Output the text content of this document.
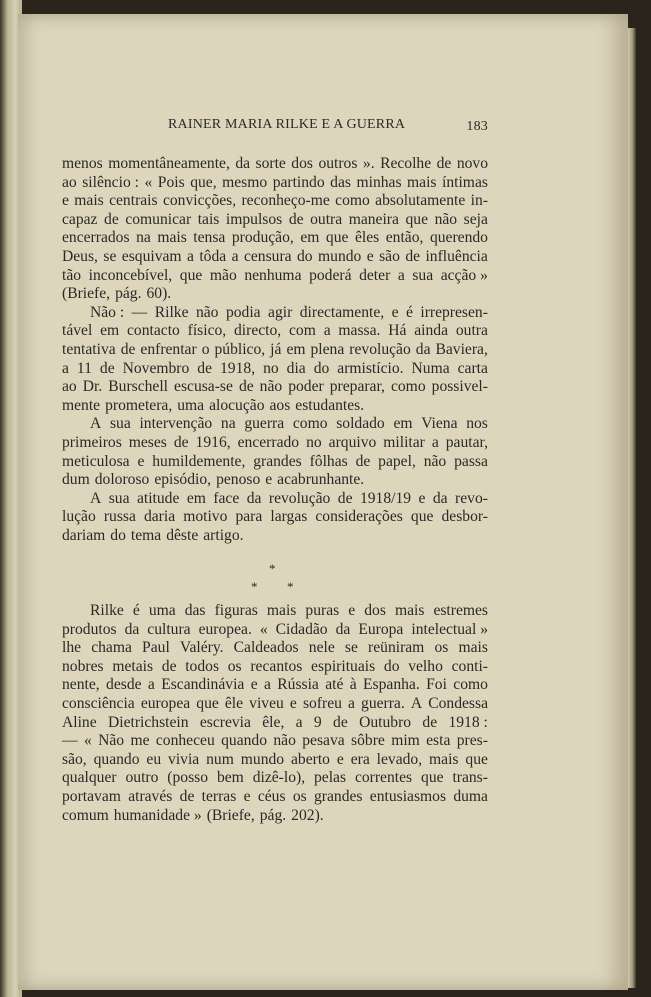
RAINER MARIA RILKE E A GUERRA	183
menos momentâneamente, da sorte dos outros ». Recolhe de novo
ao silêncio : « Pois que, mesmo partindo das minhas mais íntimas
e mais centrais convicções, reconheço-me como absolutamente in-
capaz de comunicar tais impulsos de outra maneira que não seja
encerrados na mais tensa produção, em que êles então, querendo
Deus, se esquivam a tôda a censura do mundo e são de influência
tão inconcebível, que mão nenhuma poderá deter a sua acção »
(Briefe, pág. 60).
Não : — Rilke não podia agir directamente, e é irrepresen-
tável em contacto físico, directo, com a massa. Há ainda outra
tentativa de enfrentar o público, já em plena revolução da Baviera,
a 11 de Novembro de 1918, no dia do armistício. Numa carta
ao Dr. Burschell escusa-se de não poder preparar, como possivel-
mente prometera, uma alocução aos estudantes.
A sua intervenção na guerra como soldado em Viena nos
primeiros meses de 1916, encerrado no arquivo militar a pautar,
meticulosa e humildemente, grandes fôlhas de papel, não passa
dum doloroso episódio, penoso e acabrunhante.
A sua atitude em face da revolução de 1918/19 e da revo-
lução russa daria motivo para largas considerações que desbor-
dariam do tema dêste artigo.
*
* *
Rilke é uma das figuras mais puras e dos mais estremes
produtos da cultura europea. « Cidadão da Europa intelectual »
lhe chama Paul Valéry. Caldeados nele se reüniram os mais
nobres metais de todos os recantos espirituais do velho conti-
nente, desde a Escandinávia e a Rússia até à Espanha. Foi como
consciência europea que êle viveu e sofreu a guerra. A Condessa
Aline Dietrichstein escrevia êle, a 9 de Outubro de 1918 :
— « Não me conheceu quando não pesava sôbre mim esta pres-
são, quando eu vivia num mundo aberto e era levado, mais que
qualquer outro (posso bem dizê-lo), pelas correntes que trans-
portavam através de terras e céus os grandes entusiasmos duma
comum humanidade » (Briefe, pág. 202).
